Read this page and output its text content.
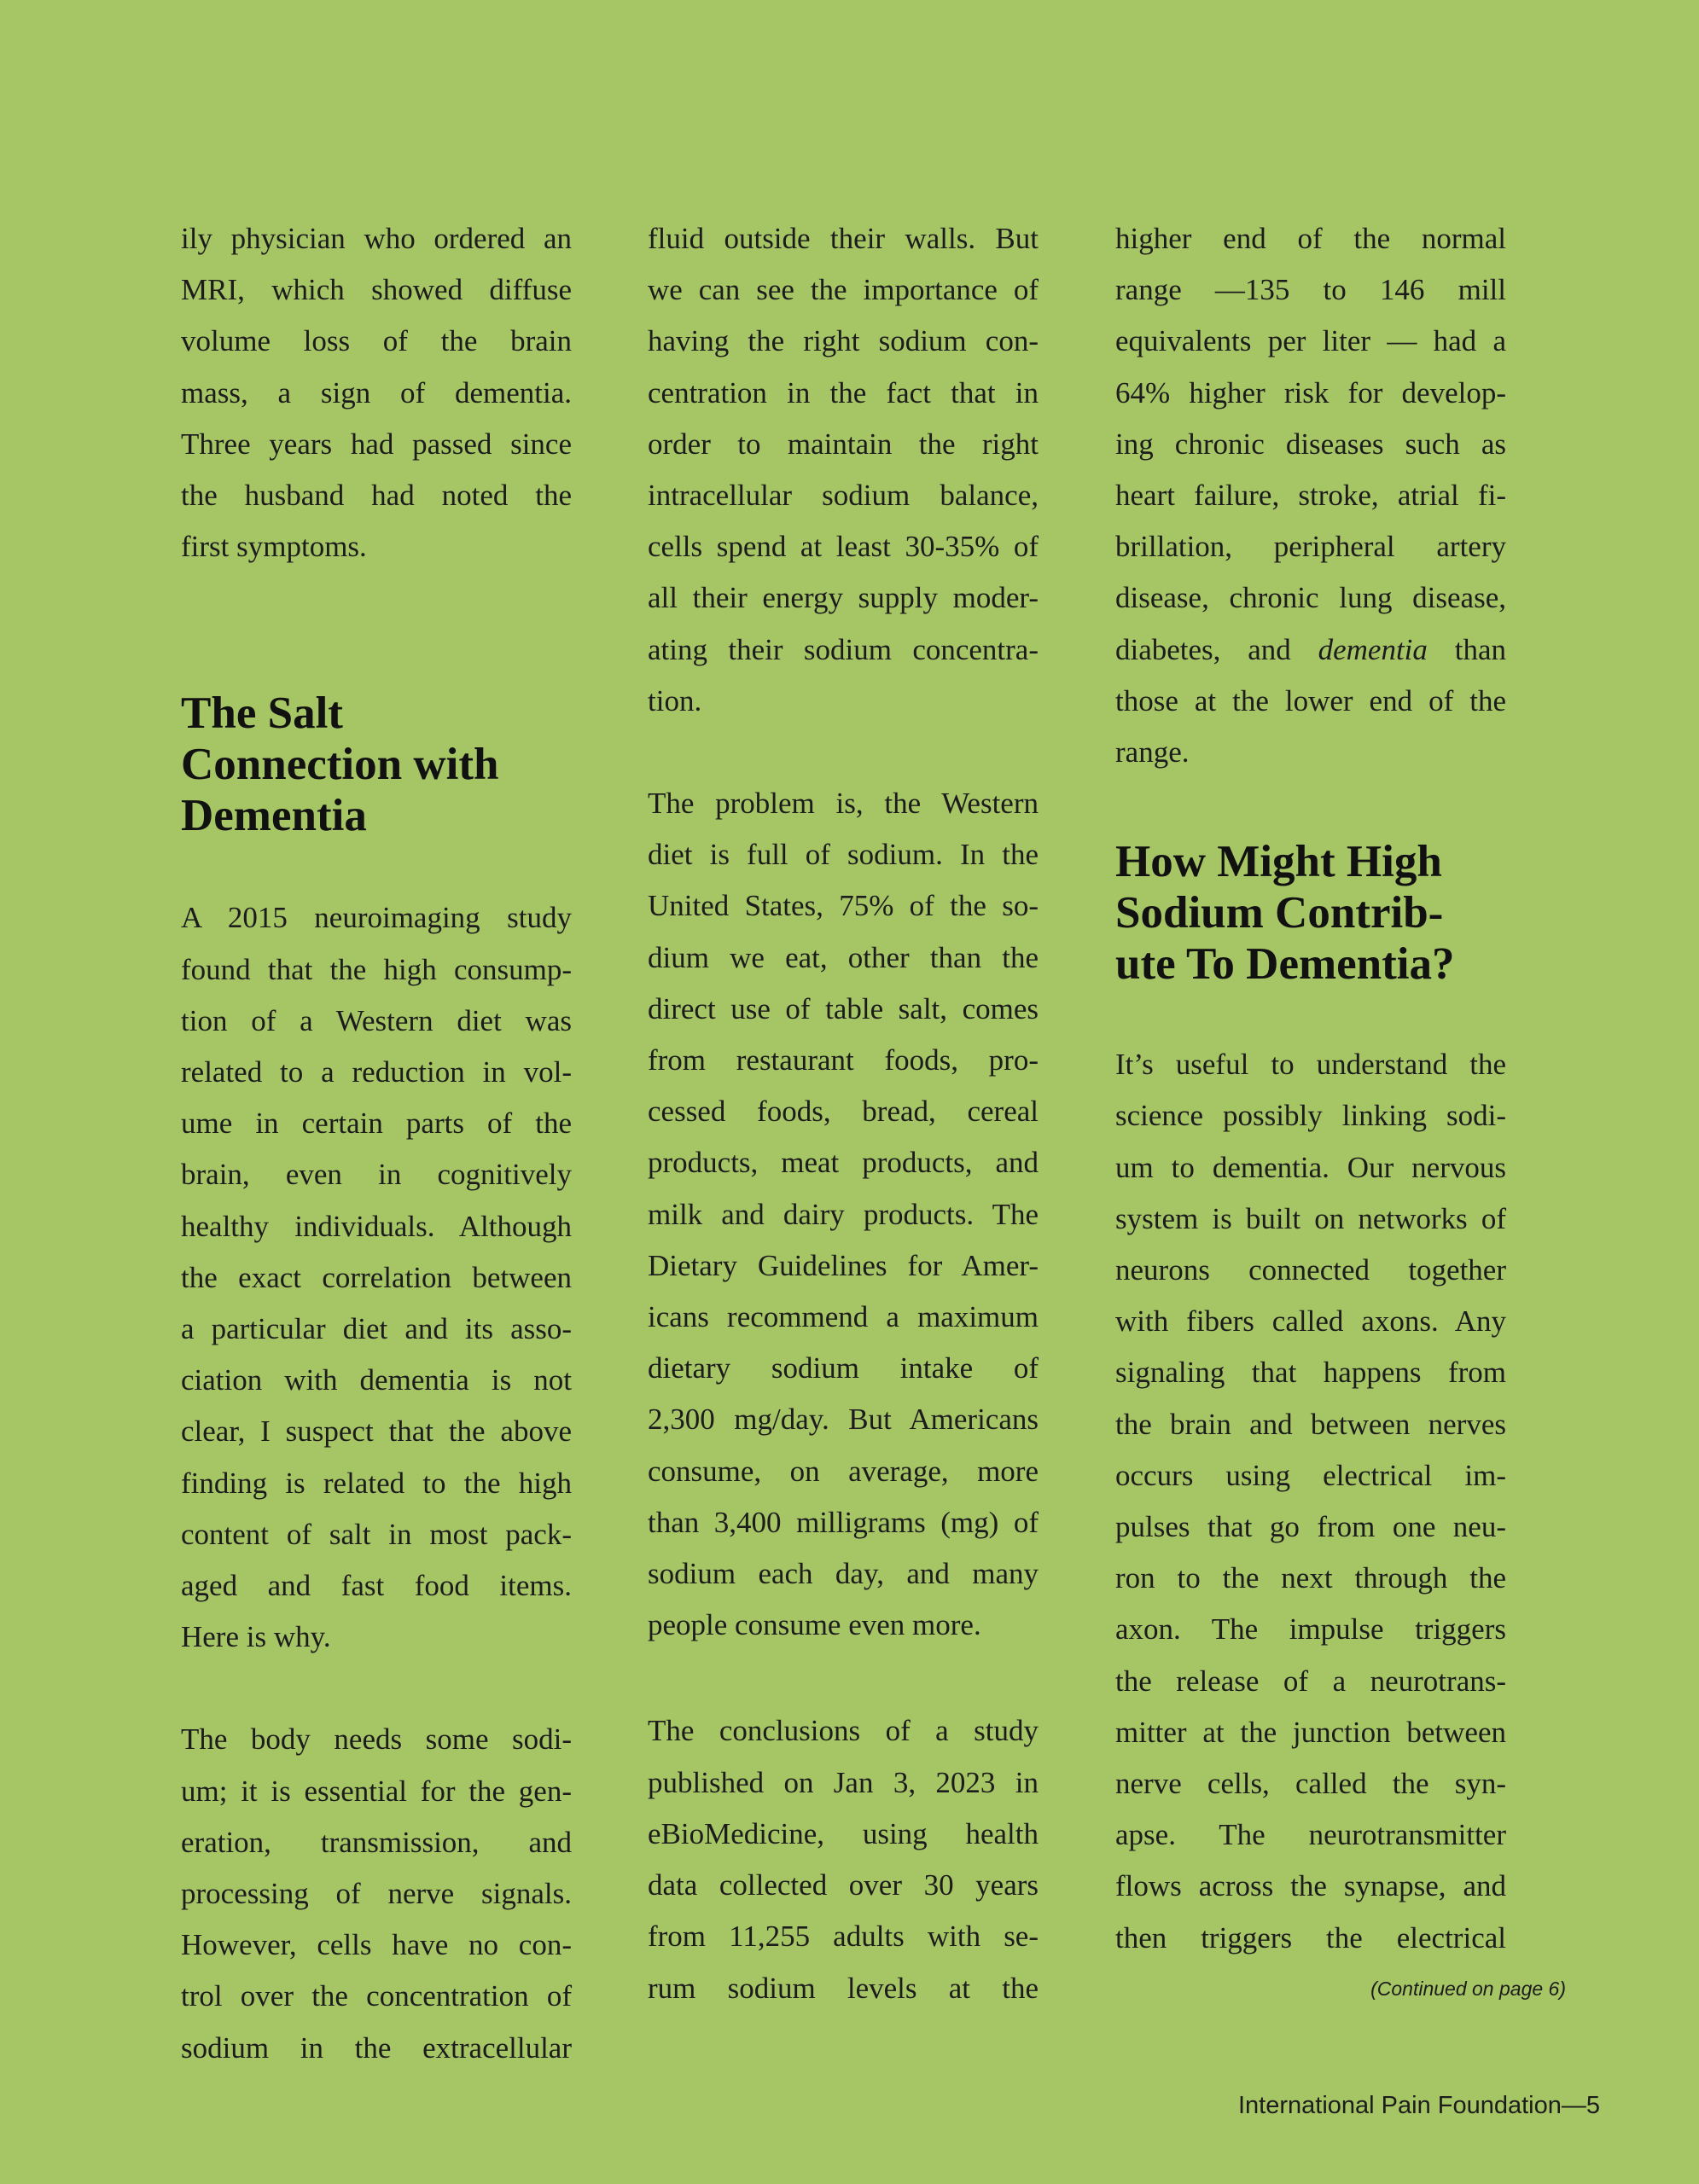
ily physician who ordered an

MRI, which showed diffuse

volume loss of the brain

mass, a sign of dementia.

Three years had passed since

the husband had noted the

first symptoms.

The Salt
Connection with
Dementia

A 2015 neuroimaging study

found that the high consump-

tion of a Western diet was

related to a reduction in vol-

ume in certain parts of the

brain, even in cognitively

healthy individuals. Although

the exact correlation between

a particular diet and its asso-

ciation with dementia is not

clear, I suspect that the above

finding is related to the high

content of salt in most pack-

aged and fast food items.

Here is why.

The body needs some sodi-

um; it is essential for the gen-

eration, transmission, and

processing of nerve signals.

However, cells have no con-

trol over the concentration of

sodium in the extracellular

fluid outside their walls. But

we can see the importance of

having the right sodium con-

centration in the fact that in

order to maintain the right

intracellular sodium balance,

cells spend at least 30-35% of

all their energy supply moder-

ating their sodium concentra-

tion.

The problem is, the Western

diet is full of sodium. In the

United States, 75% of the so-

dium we eat, other than the

direct use of table salt, comes

from restaurant foods, pro-

cessed foods, bread, cereal

products, meat products, and

milk and dairy products. The

Dietary Guidelines for Amer-

icans recommend a maximum

dietary sodium intake of

2,300 mg/day. But Americans

consume, on average, more

than 3,400 milligrams (mg) of

sodium each day, and many

people consume even more.

The conclusions of a study

published on Jan 3, 2023 in

eBioMedicine, using health

data collected over 30 years

from 11,255 adults with se-

rum sodium levels at the

higher end of the normal

range —135 to 146 mill

equivalents per liter — had a

64% higher risk for develop-

ing chronic diseases such as

heart failure, stroke, atrial fi-

brillation, peripheral artery

disease, chronic lung disease,

diabetes, and dementia than

those at the lower end of the

range.

How Might High
Sodium Contrib-
ute To Dementia?

It’s useful to understand the

science possibly linking sodi-

um to dementia. Our nervous

system is built on networks of

neurons connected together

with fibers called axons. Any

signaling that happens from

the brain and between nerves

occurs using electrical im-

pulses that go from one neu-

ron to the next through the

axon. The impulse triggers

the release of a neurotrans-

mitter at the junction between

nerve cells, called the syn-

apse. The neurotransmitter

flows across the synapse, and

then triggers the electrical

(Continued on page 6)
International Pain Foundation—5
